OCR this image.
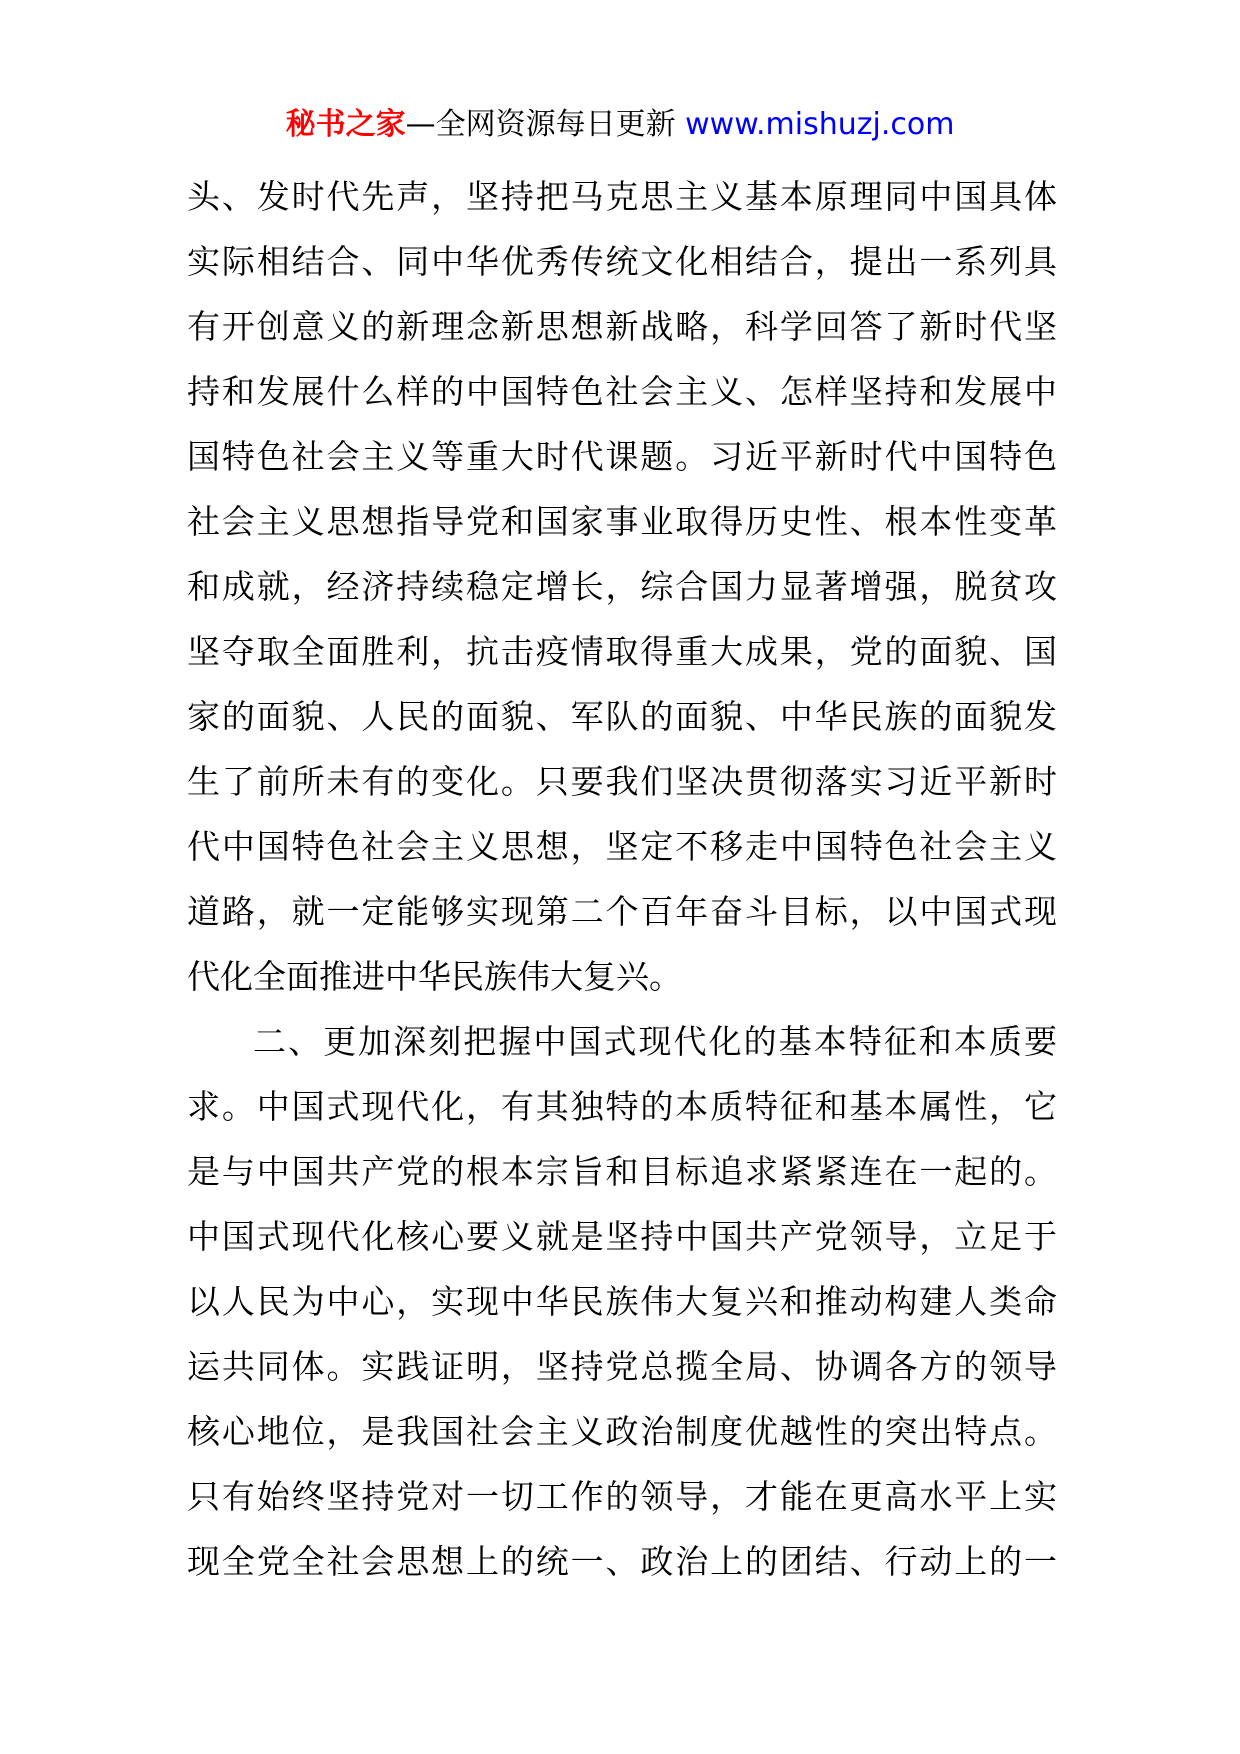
秘书之家—全网资源每日更新 www.mishuzj.com
头、发时代先声，坚持把马克思主义基本原理同中国具体
实际相结合、同中华优秀传统文化相结合，提出一系列具
有开创意义的新理念新思想新战略，科学回答了新时代坚
持和发展什么样的中国特色社会主义、怎样坚持和发展中
国特色社会主义等重大时代课题。习近平新时代中国特色
社会主义思想指导党和国家事业取得历史性、根本性变革
和成就，经济持续稳定增长，综合国力显著增强，脱贫攻
坚夺取全面胜利，抗击疫情取得重大成果，党的面貌、国
家的面貌、人民的面貌、军队的面貌、中华民族的面貌发
生了前所未有的变化。只要我们坚决贯彻落实习近平新时
代中国特色社会主义思想，坚定不移走中国特色社会主义
道路，就一定能够实现第二个百年奋斗目标，以中国式现
代化全面推进中华民族伟大复兴。
二、更加深刻把握中国式现代化的基本特征和本质要
求。中国式现代化，有其独特的本质特征和基本属性，它
是与中国共产党的根本宗旨和目标追求紧紧连在一起的。
中国式现代化核心要义就是坚持中国共产党领导，立足于
以人民为中心，实现中华民族伟大复兴和推动构建人类命
运共同体。实践证明，坚持党总揽全局、协调各方的领导
核心地位，是我国社会主义政治制度优越性的突出特点。
只有始终坚持党对一切工作的领导，才能在更高水平上实
现全党全社会思想上的统一、政治上的团结、行动上的一
